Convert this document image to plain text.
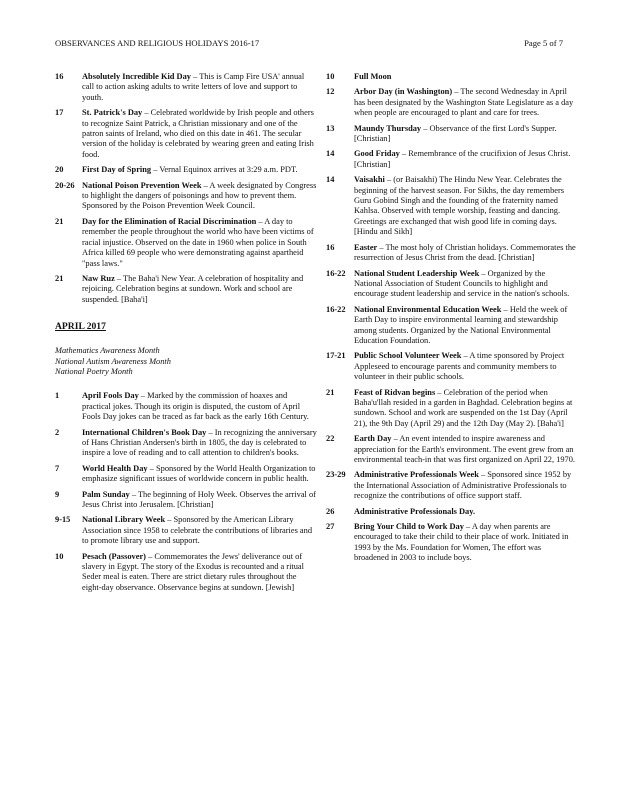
OBSERVANCES AND RELIGIOUS HOLIDAYS 2016-17	Page 5 of 7
16	Absolutely Incredible Kid Day – This is Camp Fire USA' annual call to action asking adults to write letters of love and support to youth.
17	St. Patrick's Day – Celebrated worldwide by Irish people and others to recognize Saint Patrick, a Christian missionary and one of the patron saints of Ireland, who died on this date in 461. The secular version of the holiday is celebrated by wearing green and eating Irish food.
20	First Day of Spring – Vernal Equinox arrives at 3:29 a.m. PDT.
20-26 National Poison Prevention Week – A week designated by Congress to highlight the dangers of poisonings and how to prevent them. Sponsored by the Poison Prevention Week Council.
21	Day for the Elimination of Racial Discrimination – A day to remember the people throughout the world who have been victims of racial injustice. Observed on the date in 1960 when police in South Africa killed 69 people who were demonstrating against apartheid "pass laws."
21	Naw Ruz – The Baha'i New Year. A celebration of hospitality and rejoicing. Celebration begins at sundown. Work and school are suspended. [Baha'i]
APRIL 2017
Mathematics Awareness Month
National Autism Awareness Month
National Poetry Month
1	April Fools Day – Marked by the commission of hoaxes and practical jokes. Though its origin is disputed, the custom of April Fools Day jokes can be traced as far back as the early 16th Century.
2	International Children's Book Day – In recognizing the anniversary of Hans Christian Andersen's birth in 1805, the day is celebrated to inspire a love of reading and to call attention to children's books.
7	World Health Day – Sponsored by the World Health Organization to emphasize significant issues of worldwide concern in public health.
9	Palm Sunday – The beginning of Holy Week. Observes the arrival of Jesus Christ into Jerusalem. [Christian]
9-15	National Library Week – Sponsored by the American Library Association since 1958 to celebrate the contributions of libraries and to promote library use and support.
10	Pesach (Passover) – Commemorates the Jews' deliverance out of slavery in Egypt. The story of the Exodus is recounted and a ritual Seder meal is eaten. There are strict dietary rules throughout the eight-day observance. Observance begins at sundown. [Jewish]
10	Full Moon
12	Arbor Day (in Washington) – The second Wednesday in April has been designated by the Washington State Legislature as a day when people are encouraged to plant and care for trees.
13	Maundy Thursday – Observance of the first Lord's Supper. [Christian]
14	Good Friday – Remembrance of the crucifixion of Jesus Christ. [Christian]
14	Vaisakhi – (or Baisakhi) The Hindu New Year. Celebrates the beginning of the harvest season. For Sikhs, the day remembers Guru Gobind Singh and the founding of the fraternity named Kahlsa. Observed with temple worship, feasting and dancing. Greetings are exchanged that wish good life in coming days. [Hindu and Sikh]
16	Easter – The most holy of Christian holidays. Commemorates the resurrection of Jesus Christ from the dead. [Christian]
16-22	National Student Leadership Week – Organized by the National Association of Student Councils to highlight and encourage student leadership and service in the nation's schools.
16-22	National Environmental Education Week – Held the week of Earth Day to inspire environmental learning and stewardship among students. Organized by the National Environmental Education Foundation.
17-21	Public School Volunteer Week – A time sponsored by Project Appleseed to encourage parents and community members to volunteer in their public schools.
21	Feast of Ridvan begins – Celebration of the period when Baha'u'llah resided in a garden in Baghdad. Celebration begins at sundown. School and work are suspended on the 1st Day (April 21), the 9th Day (April 29) and the 12th Day (May 2). [Baha'i]
22	Earth Day – An event intended to inspire awareness and appreciation for the Earth's environment. The event grew from an environmental teach-in that was first organized on April 22, 1970.
23-29	Administrative Professionals Week – Sponsored since 1952 by the International Association of Administrative Professionals to recognize the contributions of office support staff.
26	Administrative Professionals Day.
27	Bring Your Child to Work Day – A day when parents are encouraged to take their child to their place of work. Initiated in 1993 by the Ms. Foundation for Women, The effort was broadened in 2003 to include boys.
